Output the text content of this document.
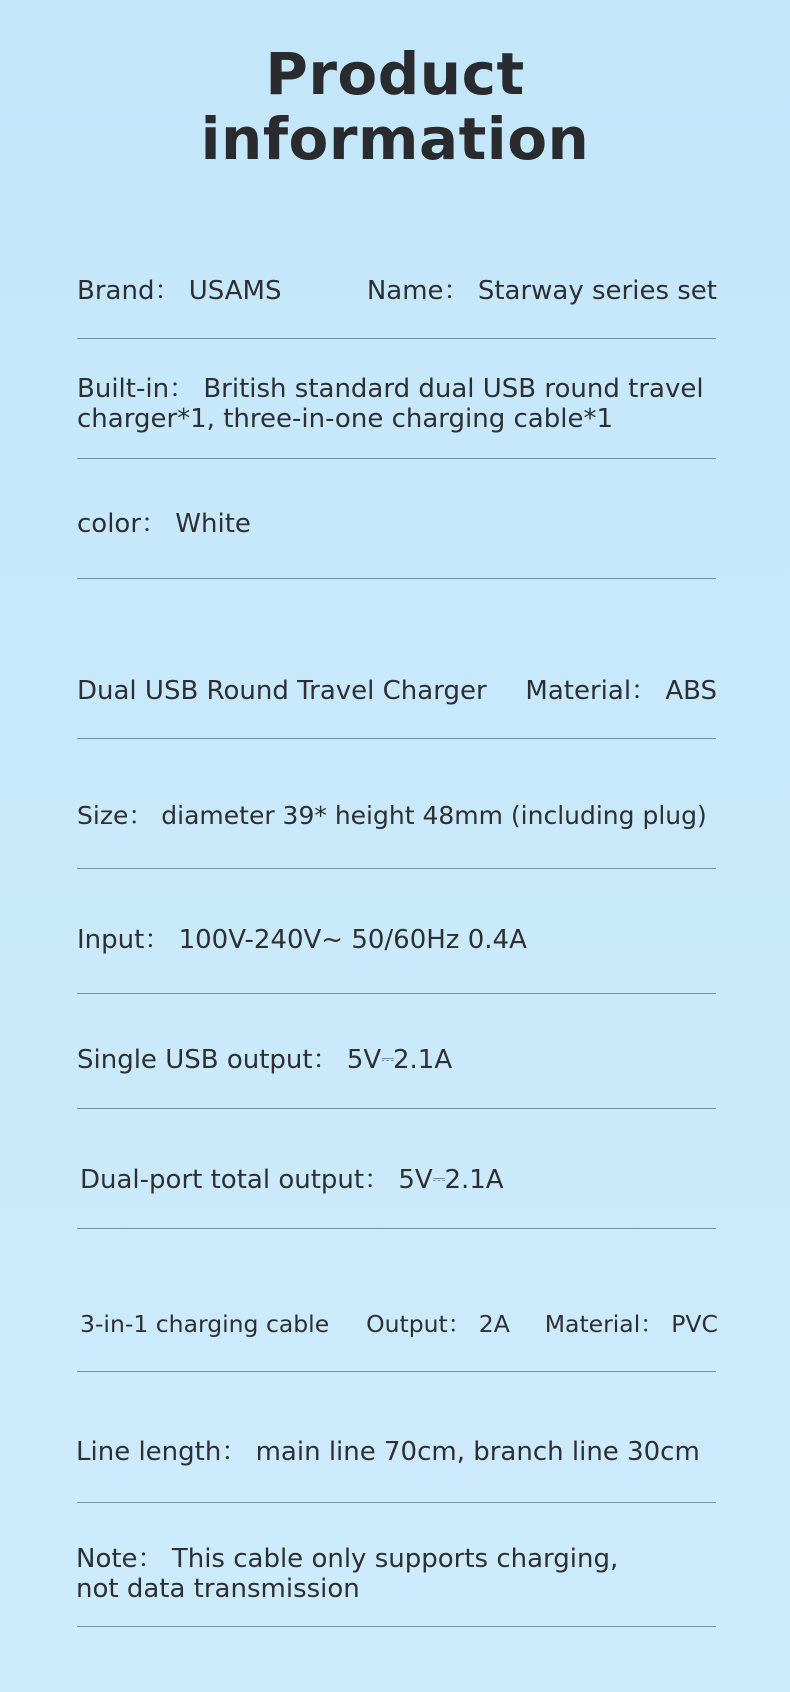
Product
information
Brand： USAMS	Name： Starway series set
Built-in： British standard dual USB round travel
charger*1, three-in-one charging cable*1
color： White
Dual USB Round Travel Charger Material： ABS
Size： diameter 39* height 48mm (including plug)
Input： 100V-240V~ 50/60Hz 0.4A
Single USB output： 5V⎓2.1A
Dual-port total output： 5V⎓2.1A
3-in-1 charging cable Output： 2A Material： PVC
Line length： main line 70cm, branch line 30cm
Note： This cable only supports charging,
not data transmission
